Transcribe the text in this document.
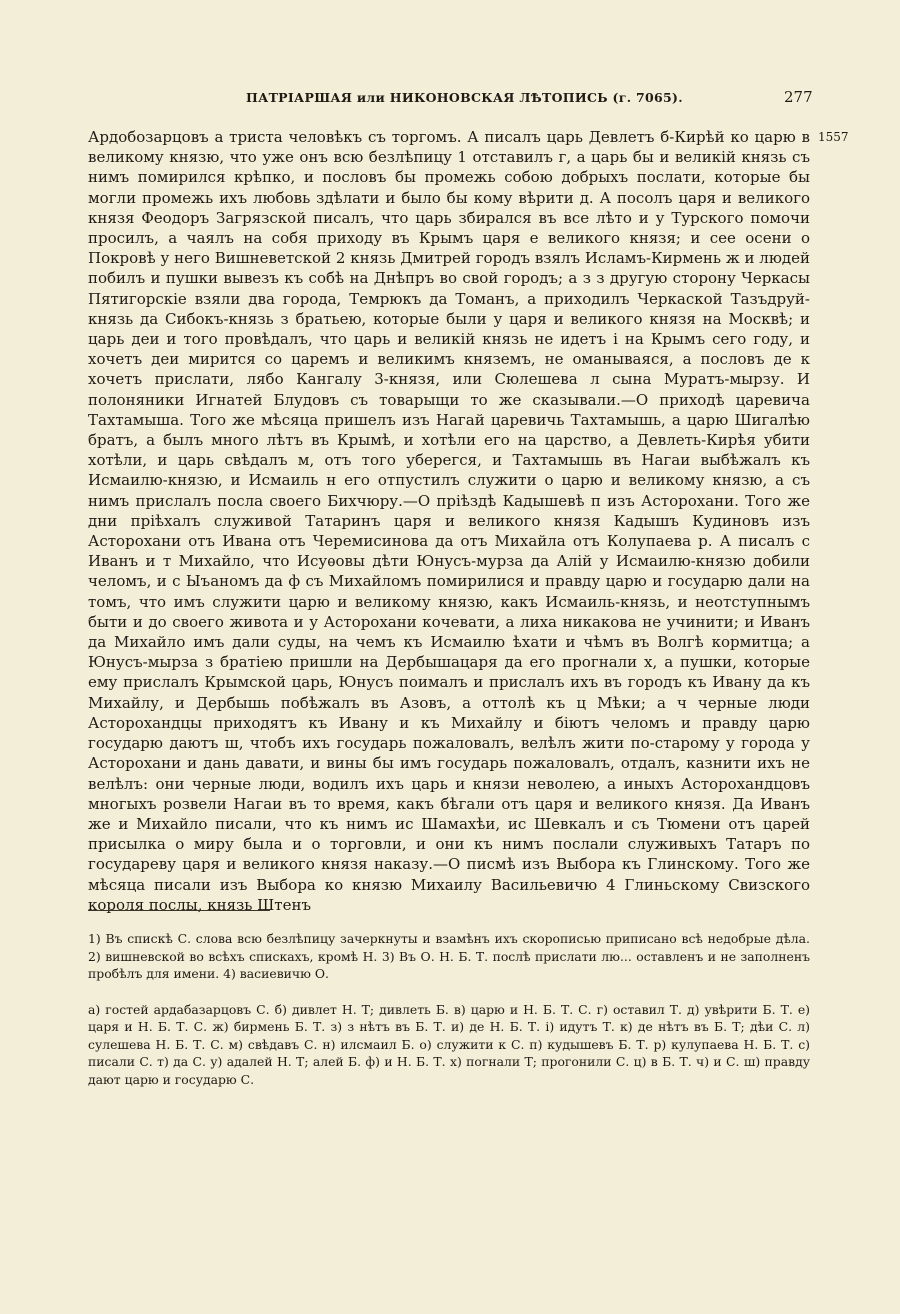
ПАТРІАРШАЯ или НИКОНОВСКАЯ ЛѢТОПИСЬ (г. 7065).	277
1557

Ардобозарцовъ а триста человѣкъ съ торгомъ. А писалъ царь Девлетъ б-Кирѣй ко царю в великому князю, что уже онъ всю безлѣпицу 1 отставилъ г, а царь бы и великій князь съ нимъ помирился крѣпко, и пословъ бы промежь собою добрыхъ послати, которые бы могли промежь ихъ любовь здѣлати и было бы кому вѣрити д. А посолъ царя и великого князя Феодоръ Загрязской писалъ, что царь збирался въ все лѣто и у Турского помочи просилъ, а чаялъ на собя приходу въ Крымъ царя е великого князя; и сее осени о Покровѣ у него Вишневетской 2 князь Дмитрей городъ взялъ Исламъ-Кирмень ж и людей побилъ и пушки вывезъ къ собѣ на Днѣпръ во свой городъ; а з з другую сторону Черкасы Пятигорскіе взяли два города, Темрюкъ да Томанъ, а приходилъ Черкаской Тазъдруй-князь да Сибокъ-князь з братьею, которые были у царя и великого князя на Москвѣ; и царь деи и того провѣдалъ, что царь и великій князь не идетъ і на Крымъ сего году, и хочетъ деи мирится со царемъ и великимъ княземъ, не оманываяся, а пословъ де к хочетъ прислати, лябо Кангалу 3-князя, или Сюлешева л сына Муратъ-мырзу. И полоняники Игнатей Блудовъ съ товарыщи то же сказывали.—О приходѣ царевича Тахтамыша. Того же мѣсяца пришелъ изъ Нагай царевичь Тахтамышь, а царю Шигалѣю братъ, а былъ много лѣтъ въ Крымѣ, и хотѣли его на царство, а Девлеть-Кирѣя убити хотѣли, и царь свѣдалъ м, отъ того уберегся, и Тахтамышь въ Нагаи выбѣжалъ къ Исмаилю-князю, и Исмаиль н его отпустилъ служити о царю и великому князю, а съ нимъ прислалъ посла своего Бихчюру.—О пріѣздѣ Кадышевѣ п изъ Асторохани. Того же дни пріѣхалъ служивой Татаринъ царя и великого князя Кадышъ Кудиновъ изъ Асторохани отъ Ивана отъ Черемисинова да отъ Михайла отъ Колупаева р. А писалъ с Иванъ и т Михайло, что Исуѳовы дѣти Юнусъ-мурза да Алій у Исмаилю-князю добили челомъ, и с Ыъаномъ да ф съ Михайломъ помирилися и правду царю и государю дали на томъ, что имъ служити царю и великому князю, какъ Исмаиль-князь, и неотступнымъ быти и до своего живота и у Асторохани кочевати, а лиха никакова не учинити; и Иванъ да Михайло имъ дали суды, на чемъ къ Исмаилю ѣхати и чѣмъ въ Волгѣ кормитца; а Юнусъ-мырза з братіею пришли на Дербышацаря да его прогнали х, а пушки, которые ему прислалъ Крымской царь, Юнусъ поималъ и прислалъ ихъ въ городъ къ Ивану да къ Михайлу, и Дербышь побѣжалъ въ Азовъ, а оттолѣ къ ц Мѣки; а ч черные люди Асторохандцы приходятъ къ Ивану и къ Михайлу и біютъ челомъ и правду царю государю даютъ ш, чтобъ ихъ государь пожаловалъ, велѣлъ жити по-старому у города у Асторохани и дань давати, и вины бы имъ государь пожаловалъ, отдалъ, казнити ихъ не велѣлъ: они черные люди, водилъ ихъ царь и князи неволею, а иныхъ Асторохандцовъ многыхъ розвели Нагаи въ то время, какъ бѣгали отъ царя и великого князя. Да Иванъ же и Михайло писали, что къ нимъ ис Шамахѣи, ис Шевкалъ и съ Тюмени отъ царей присылка о миру была и о торговли, и они къ нимъ послали служивыхъ Татаръ по государеву царя и великого князя наказу.—О писмѣ изъ Выбора къ Глинскому. Того же мѣсяца писали изъ Выбора ко князю Михаилу Васильевичю 4 Глиньскому Свизского короля послы, князь Штенъ

1) Въ спискѣ С. слова всю безлѣпицу зачеркнуты и взамѣнъ ихъ скорописью приписано всѣ недобрые дѣла. 2) вишневской во всѣхъ спискахъ, кромѣ Н. 3) Въ О. Н. Б. Т. послѣ прислати лю... оставленъ и не заполненъ пробѣлъ для имени. 4) васиевичю О.

а) гостей ардабазарцовъ С. б) дивлет Н. Т; дивлеть Б. в) царю и Н. Б. Т. С. г) оставил Т. д) увѣрити Б. Т. е) царя и Н. Б. Т. С. ж) бирмень Б. Т. з) з нѣтъ въ Б. Т. и) де Н. Б. Т. і) идутъ Т. к) де нѣтъ въ Б. Т; дѣи С. л) сулешева Н. Б. Т. С. м) свѣдавъ С. н) илсмаил Б. о) служити к С. п) кудышевъ Б. Т. р) кулупаева Н. Б. Т. с) писали С. т) да С. у) адалей Н. Т; алей Б. ф) и Н. Б. Т. х) погнали Т; прогонили С. ц) в Б. Т. ч) и С. ш) правду дают царю и государю С.
